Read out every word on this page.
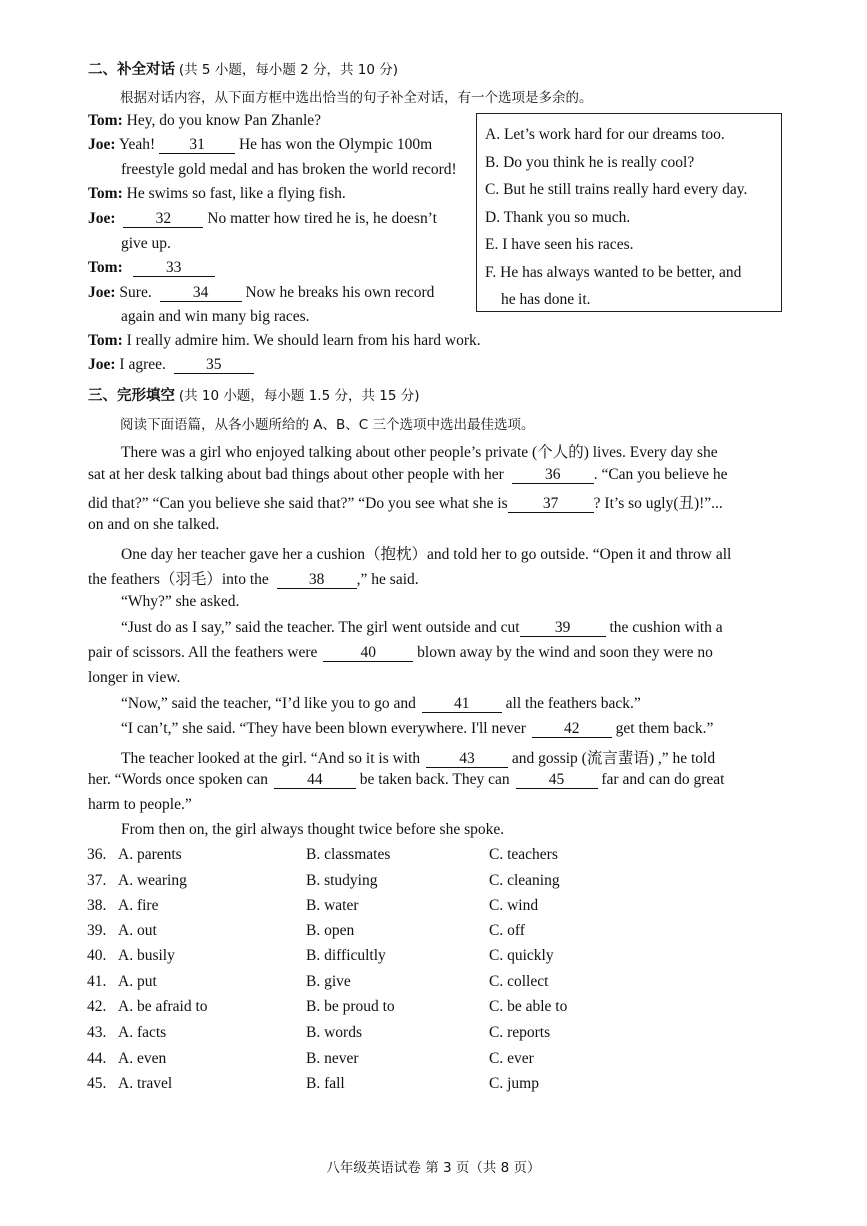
二、补全对话 (共 5 小题，每小题 2 分，共 10 分)
根据对话内容，从下面方框中选出恰当的句子补全对话，有一个选项是多余的。
Tom: Hey, do you know Pan Zhanle?
Joe: Yeah! 31 He has won the Olympic 100m
freestyle gold medal and has broken the world record!
Tom: He swims so fast, like a flying fish.
Joe:	32 No matter how tired he is, he doesn’t
give up.
Tom:	33
Joe: Sure.	34 Now he breaks his own record
again and win many big races.
Tom: I really admire him. We should learn from his hard work.
Joe: I agree.	35
A. Let’s work hard for our dreams too.
B. Do you think he is really cool?
C. But he still trains really hard every day.
D. Thank you so much.
E. I have seen his races.
F. He has always wanted to be better, and
he has done it.
三、完形填空 (共 10 小题，每小题 1.5 分，共 15 分)
阅读下面语篇，从各小题所给的 A、B、C 三个选项中选出最佳选项。
There was a girl who enjoyed talking about other people’s private (个人的) lives. Every day she
sat at her desk talking about bad things about other people with her	36 . “Can you believe he
did that?” “Can you believe she said that?” “Do you see what she is 37 ? It’s so ugly(丑)!”...
on and on she talked.
One day her teacher gave her a cushion（抱枕）and told her to go outside. “Open it and throw all
the feathers（羽毛）into the	38 ,” he said.
“Why?” she asked.
“Just do as I say,” said the teacher. The girl went outside and cut 39	the cushion with a
pair of scissors. All the feathers were	40	blown away by the wind and soon they were no
longer in view.
“Now,” said the teacher, “I’d like you to go and 41 all the feathers back.”
“I can’t,” she said. “They have been blown everywhere. I'll never 42 get them back.”
The teacher looked at the girl. “And so it is with	43 and gossip (流言蜚语) ,” he told
her. “Words once spoken can	44 be taken back. They can	45 far and can do great
harm to people.”
From then on, the girl always thought twice before she spoke.
36. A. parents	B. classmates	C. teachers
37. A. wearing	B. studying	C. cleaning
38. A. fire	B. water	C. wind
39. A. out	B. open	C. off
40. A. busily	B. difficultly	C. quickly
41. A. put	B. give	C. collect
42. A. be afraid to	B. be proud to	C. be able to
43. A. facts	B. words	C. reports
44. A. even	B. never	C. ever
45. A. travel	B. fall	C. jump
八年级英语试卷 第 3 页（共 8 页）
